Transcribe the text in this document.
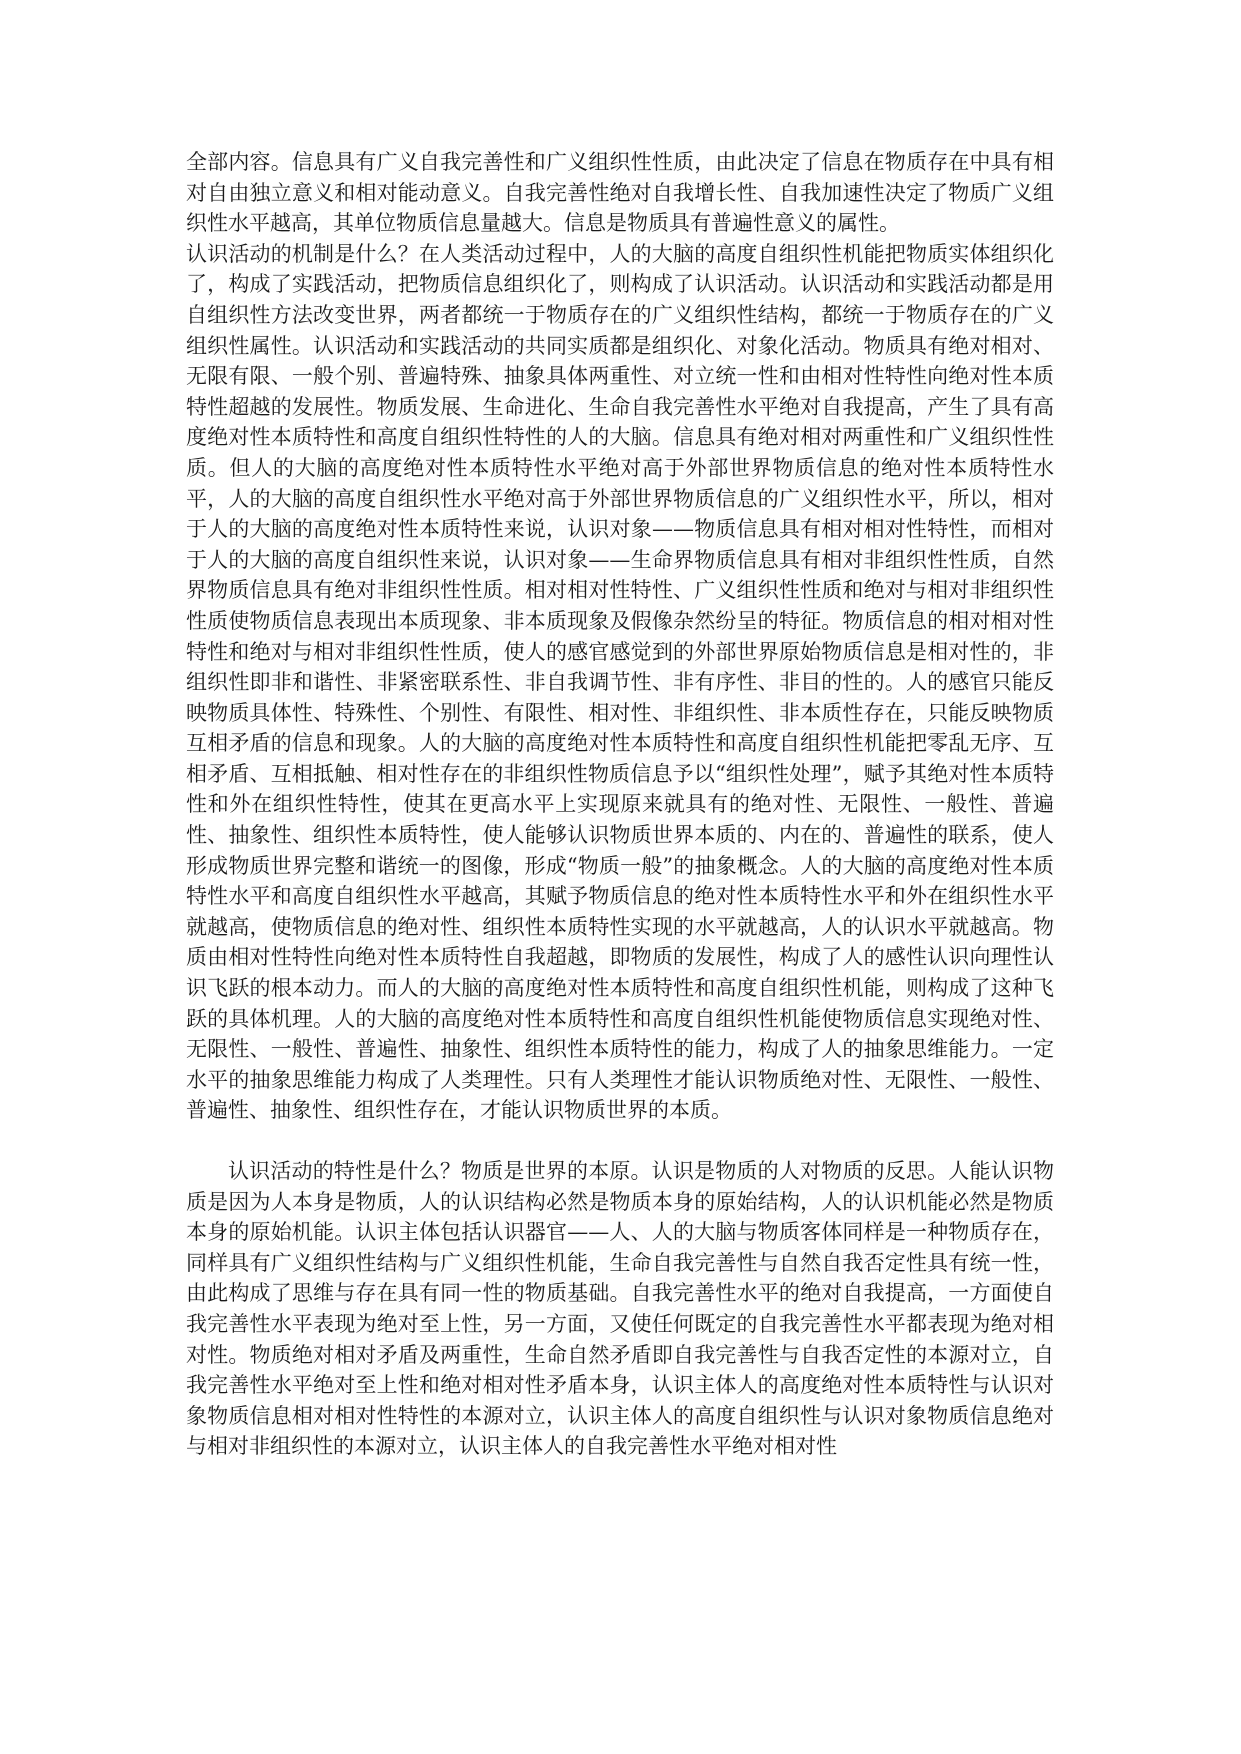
全部内容。信息具有广义自我完善性和广义组织性性质，由此决定了信息在物质存在中具有相对自由独立意义和相对能动意义。自我完善性绝对自我增长性、自我加速性决定了物质广义组织性水平越高，其单位物质信息量越大。信息是物质具有普遍性意义的属性。

认识活动的机制是什么？在人类活动过程中，人的大脑的高度自组织性机能把物质实体组织化了，构成了实践活动，把物质信息组织化了，则构成了认识活动。认识活动和实践活动都是用自组织性方法改变世界，两者都统一于物质存在的广义组织性结构，都统一于物质存在的广义组织性属性。认识活动和实践活动的共同实质都是组织化、对象化活动。物质具有绝对相对、无限有限、一般个别、普遍特殊、抽象具体两重性、对立统一性和由相对性特性向绝对性本质特性超越的发展性。物质发展、生命进化、生命自我完善性水平绝对自我提高，产生了具有高度绝对性本质特性和高度自组织性特性的人的大脑。信息具有绝对相对两重性和广义组织性性质。但人的大脑的高度绝对性本质特性水平绝对高于外部世界物质信息的绝对性本质特性水平，人的大脑的高度自组织性水平绝对高于外部世界物质信息的广义组织性水平，所以，相对于人的大脑的高度绝对性本质特性来说，认识对象——物质信息具有相对相对性特性，而相对于人的大脑的高度自组织性来说，认识对象——生命界物质信息具有相对非组织性性质，自然界物质信息具有绝对非组织性性质。相对相对性特性、广义组织性性质和绝对与相对非组织性性质使物质信息表现出本质现象、非本质现象及假像杂然纷呈的特征。物质信息的相对相对性特性和绝对与相对非组织性性质，使人的感官感觉到的外部世界原始物质信息是相对性的，非组织性即非和谐性、非紧密联系性、非自我调节性、非有序性、非目的性的。人的感官只能反映物质具体性、特殊性、个别性、有限性、相对性、非组织性、非本质性存在，只能反映物质互相矛盾的信息和现象。人的大脑的高度绝对性本质特性和高度自组织性机能把零乱无序、互相矛盾、互相抵触、相对性存在的非组织性物质信息予以“组织性处理”，赋予其绝对性本质特性和外在组织性特性，使其在更高水平上实现原来就具有的绝对性、无限性、一般性、普遍性、抽象性、组织性本质特性，使人能够认识物质世界本质的、内在的、普遍性的联系，使人形成物质世界完整和谐统一的图像，形成“物质一般”的抽象概念。人的大脑的高度绝对性本质特性水平和高度自组织性水平越高，其赋予物质信息的绝对性本质特性水平和外在组织性水平就越高，使物质信息的绝对性、组织性本质特性实现的水平就越高，人的认识水平就越高。物质由相对性特性向绝对性本质特性自我超越，即物质的发展性，构成了人的感性认识向理性认识飞跃的根本动力。而人的大脑的高度绝对性本质特性和高度自组织性机能，则构成了这种飞跃的具体机理。人的大脑的高度绝对性本质特性和高度自组织性机能使物质信息实现绝对性、无限性、一般性、普遍性、抽象性、组织性本质特性的能力，构成了人的抽象思维能力。一定水平的抽象思维能力构成了人类理性。只有人类理性才能认识物质绝对性、无限性、一般性、普遍性、抽象性、组织性存在，才能认识物质世界的本质。

认识活动的特性是什么？物质是世界的本原。认识是物质的人对物质的反思。人能认识物质是因为人本身是物质，人的认识结构必然是物质本身的原始结构，人的认识机能必然是物质本身的原始机能。认识主体包括认识器官——人、人的大脑与物质客体同样是一种物质存在，同样具有广义组织性结构与广义组织性机能，生命自我完善性与自然自我否定性具有统一性，由此构成了思维与存在具有同一性的物质基础。自我完善性水平的绝对自我提高，一方面使自我完善性水平表现为绝对至上性，另一方面，又使任何既定的自我完善性水平都表现为绝对相对性。物质绝对相对矛盾及两重性，生命自然矛盾即自我完善性与自我否定性的本源对立，自我完善性水平绝对至上性和绝对相对性矛盾本身，认识主体人的高度绝对性本质特性与认识对象物质信息相对相对性特性的本源对立，认识主体人的高度自组织性与认识对象物质信息绝对与相对非组织性的本源对立，认识主体人的自我完善性水平绝对相对性
